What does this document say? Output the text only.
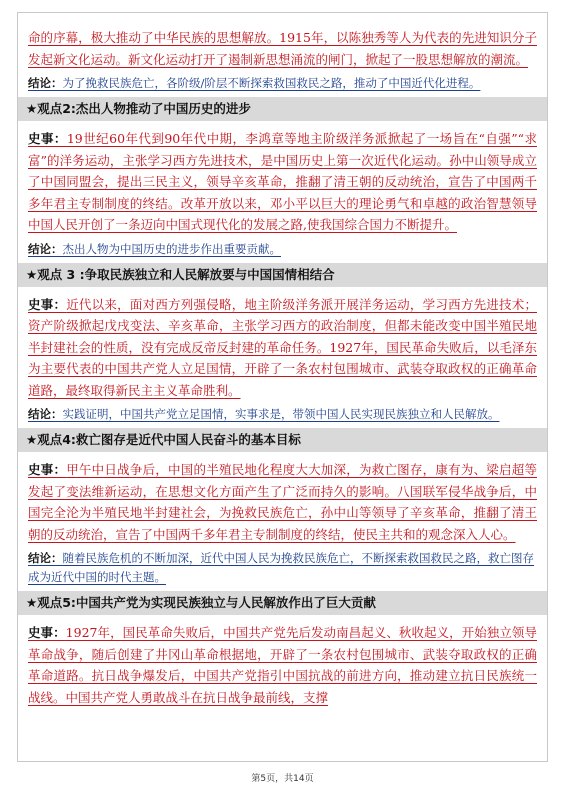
命的序幕，极大推动了中华民族的思想解放。1915年，以陈独秀等人为代表的先进知识分子发起新文化运动。新文化运动打开了遏制新思想涌流的闸门，掀起了一股思想解放的潮流。

结论：为了挽救民族危亡，各阶级/阶层不断探索救国救民之路，推动了中国近代化进程。

★观点2:杰出人物推动了中国历史的进步

史事：19世纪60年代到90年代中期，李鸿章等地主阶级洋务派掀起了一场旨在“自强”“求富”的洋务运动，主张学习西方先进技术，是中国历史上第一次近代化运动。孙中山领导成立了中国同盟会，提出三民主义，领导辛亥革命，推翻了清王朝的反动统治，宣告了中国两千多年君主专制制度的终结。改革开放以来，邓小平以巨大的理论勇气和卓越的政治智慧领导中国人民开创了一条迈向中国式现代化的发展之路,使我国综合国力不断提升。

结论：杰出人物为中国历史的进步作出重要贡献。

★观点 3 :争取民族独立和人民解放要与中国国情相结合

史事：近代以来，面对西方列强侵略，地主阶级洋务派开展洋务运动，学习西方先进技术；资产阶级掀起戊戌变法、辛亥革命，主张学习西方的政治制度，但都未能改变中国半殖民地半封建社会的性质，没有完成反帝反封建的革命任务。1927年，国民革命失败后，以毛泽东为主要代表的中国共产党人立足国情，开辟了一条农村包围城市、武装夺取政权的正确革命道路，最终取得新民主主义革命胜利。

结论：实践证明，中国共产党立足国情，实事求是，带领中国人民实现民族独立和人民解放。

★观点4:救亡图存是近代中国人民奋斗的基本目标

史事：甲午中日战争后，中国的半殖民地化程度大大加深，为救亡图存，康有为、梁启超等发起了变法维新运动，在思想文化方面产生了广泛而持久的影响。八国联军侵华战争后，中国完全沦为半殖民地半封建社会，为挽救民族危亡，孙中山等领导了辛亥革命，推翻了清王朝的反动统治，宣告了中国两千多年君主专制制度的终结，使民主共和的观念深入人心。

结论：随着民族危机的不断加深，近代中国人民为挽救民族危亡，不断探索救国救民之路，救亡图存成为近代中国的时代主题。

★观点5:中国共产党为实现民族独立与人民解放作出了巨大贡献

史事：1927年，国民革命失败后，中国共产党先后发动南昌起义、秋收起义，开始独立领导革命战争，随后创建了井冈山革命根据地，开辟了一条农村包围城市、武装夺取政权的正确革命道路。抗日战争爆发后，中国共产党指引中国抗战的前进方向，推动建立抗日民族统一战线。中国共产党人勇敢战斗在抗日战争最前线，支撑

第5页，共14页
